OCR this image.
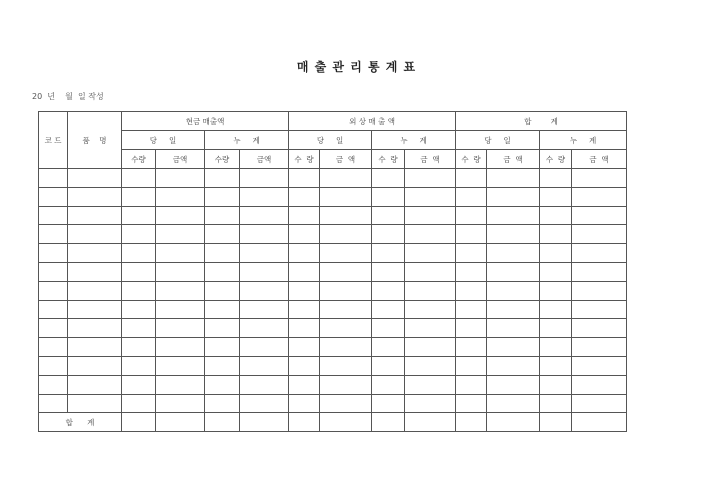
매 출 관 리 통 계 표
20  년    월  일 작성
코 드	품    명	현금 매출액				외 상 매 출 액				합        계			
		당     일		누     계		당     일		누     계		당     일		누     계	
		수량	금액	수량	금액	수  량	금  액	수  량	금  액	수  량	금  액	수  량	금  액

합      계													
